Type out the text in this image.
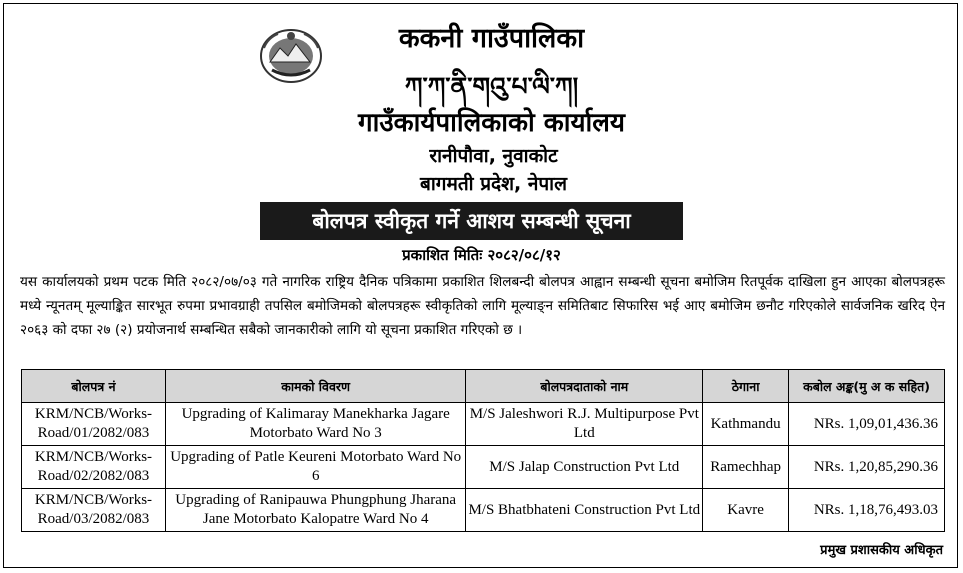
ककनी गाउँपालिका
ཀ་ཀ་ནི་གའུ་པ་ལི་ཀ།
गाउँकार्यपालिकाको कार्यालय
रानीपौवा, नुवाकोट
बागमती प्रदेश, नेपाल
बोलपत्र स्वीकृत गर्ने आशय सम्बन्धी सूचना
प्रकाशित मितिः २०८२/०८/१२
यस कार्यालयको प्रथम पटक मिति २०८२/०७/०३ गते नागरिक राष्ट्रिय दैनिक पत्रिकामा प्रकाशित शिलबन्दी बोलपत्र आह्वान सम्बन्धी सूचना बमोजिम रितपूर्वक दाखिला हुन आएका बोलपत्रहरू मध्ये न्यूनतम् मूल्याङ्कित सारभूत रुपमा प्रभावग्राही तपसिल बमोजिमको बोलपत्रहरू स्वीकृतिको लागि मूल्याङ्न समितिबाट सिफारिस भई आए बमोजिम छनौट गरिएकोले सार्वजनिक खरिद ऐन २०६३ को दफा २७ (२) प्रयोजनार्थ सम्बन्धित सबैको जानकारीको लागि यो सूचना प्रकाशित गरिएको छ ।
बोलपत्र नं	कामको विवरण	बोलपत्रदाताको नाम	ठेगाना	कबोल अङ्क(मु अ क सहित)
KRM/NCB/Works-Road/01/2082/083	Upgrading of Kalimaray Manekharka Jagare Motorbato Ward No 3	M/S Jaleshwori R.J. Multipurpose Pvt Ltd	Kathmandu	NRs. 1,09,01,436.36
KRM/NCB/Works-Road/02/2082/083	Upgrading of Patle Keureni Motorbato Ward No 6	M/S Jalap Construction Pvt Ltd	Ramechhap	NRs. 1,20,85,290.36
KRM/NCB/Works-Road/03/2082/083	Upgrading of Ranipauwa Phungphung Jharana Jane Motorbato Kalopatre Ward No 4	M/S Bhatbhateni Construction Pvt Ltd	Kavre	NRs. 1,18,76,493.03
प्रमुख प्रशासकीय अधिकृत
